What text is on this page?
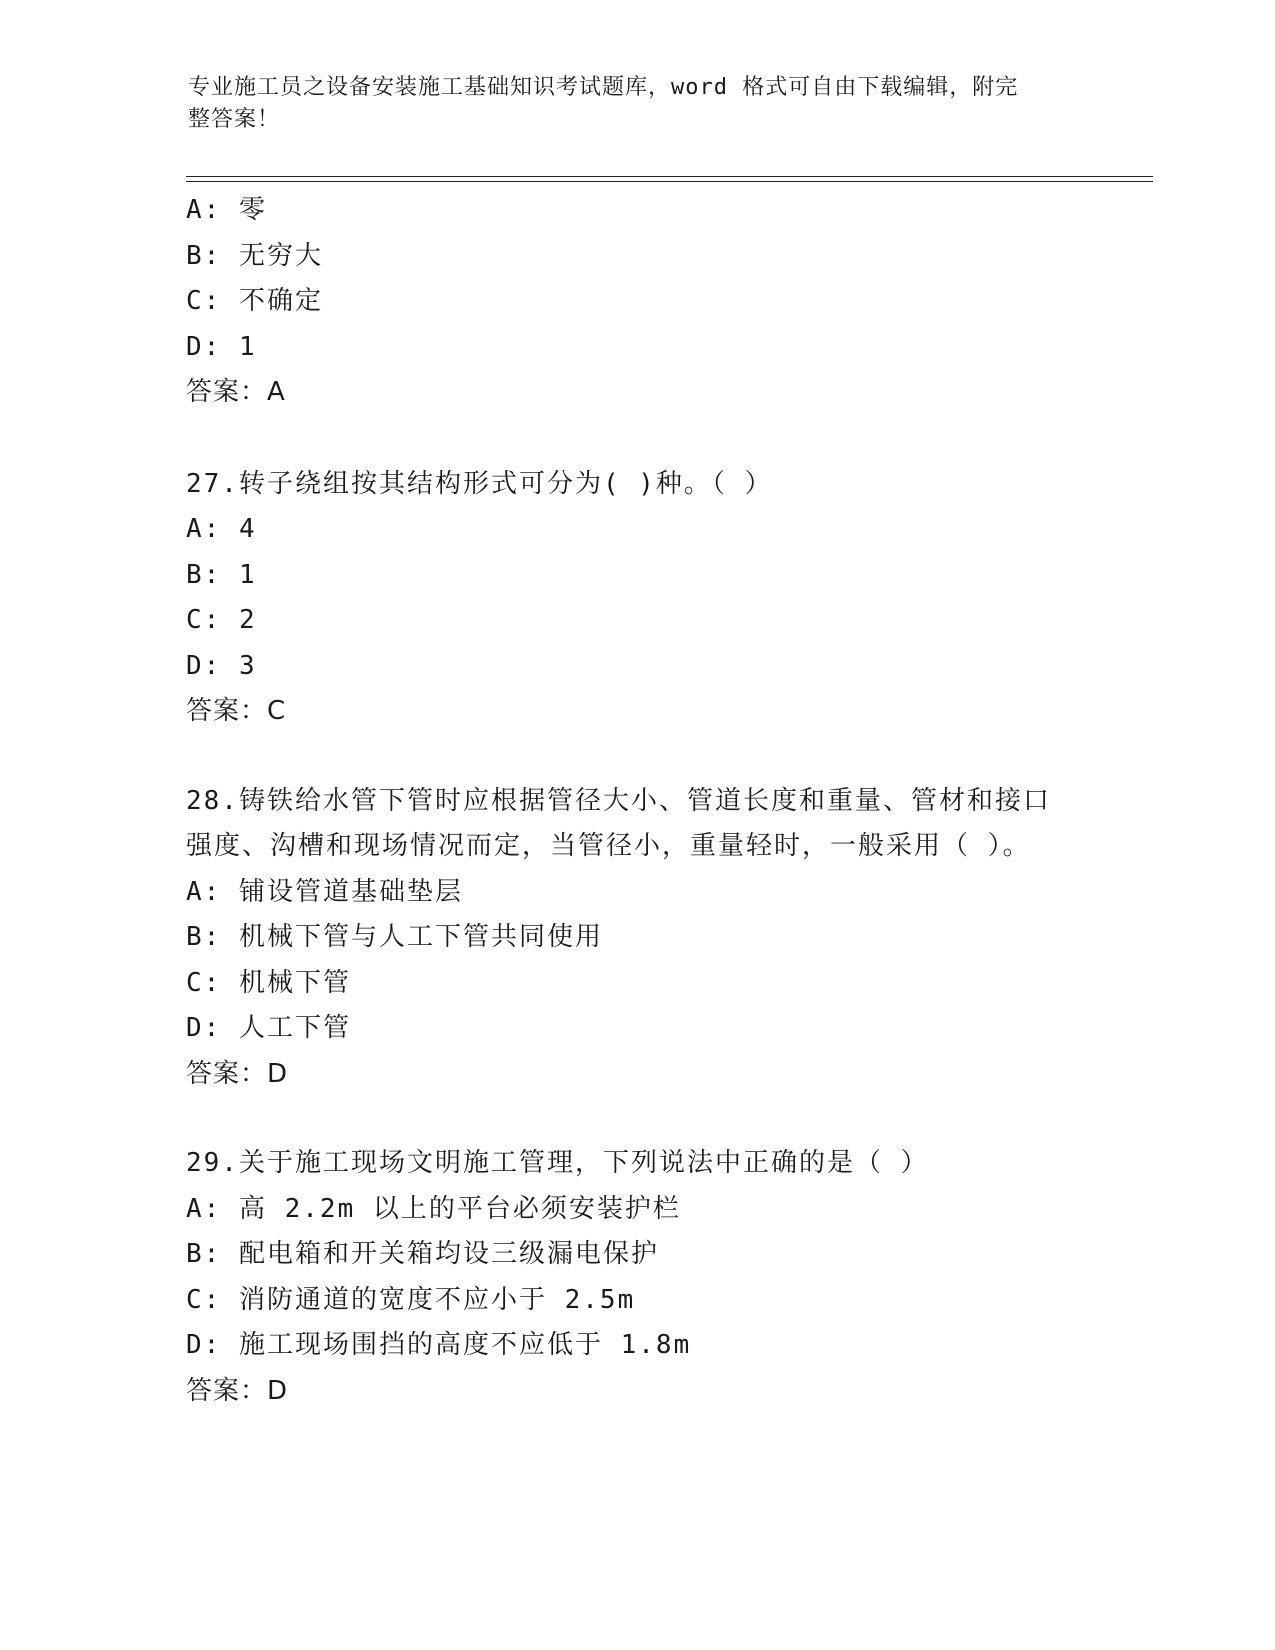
专业施工员之设备安装施工基础知识考试题库，word 格式可自由下载编辑，附完
整答案！
A: 零
B: 无穷大
C: 不确定
D: 1
答案：A
27.转子绕组按其结构形式可分为( )种。（ ）
A: 4
B: 1
C: 2
D: 3
答案：C
28.铸铁给水管下管时应根据管径大小、管道长度和重量、管材和接口
强度、沟槽和现场情况而定，当管径小，重量轻时，一般采用（ ）。
A: 铺设管道基础垫层
B: 机械下管与人工下管共同使用
C: 机械下管
D: 人工下管
答案：D
29.关于施工现场文明施工管理，下列说法中正确的是（ ）
A: 高 2.2m 以上的平台必须安装护栏
B: 配电箱和开关箱均设三级漏电保护
C: 消防通道的宽度不应小于 2.5m
D: 施工现场围挡的高度不应低于 1.8m
答案：D
